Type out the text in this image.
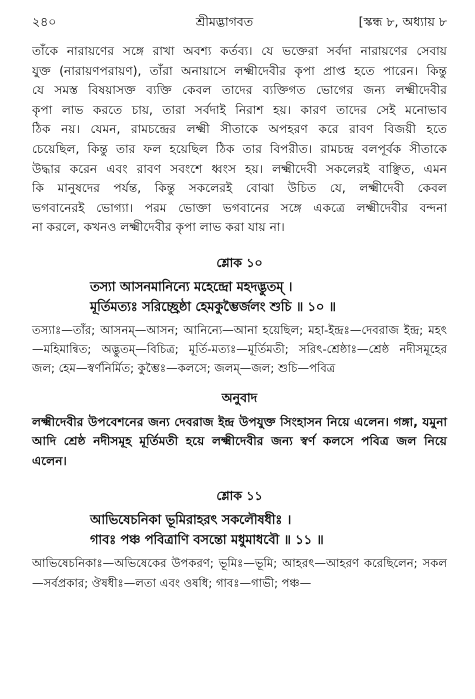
২৪০	শ্রীমদ্ভাগবত	[স্কন্ধ ৮, অধ্যায় ৮

তাঁকে নারায়ণের সঙ্গে রাখা অবশ্য কর্তব্য। যে ভক্তেরা সর্বদা নারায়ণের সেবায়
যুক্ত (নারায়ণপরায়ণ), তাঁরা অনায়াসে লক্ষ্মীদেবীর কৃপা প্রাপ্ত হতে পারেন। কিন্তু
যে সমস্ত বিষয়াসক্ত ব্যক্তি কেবল তাদের ব্যক্তিগত ভোগের জন্য লক্ষ্মীদেবীর
কৃপা লাভ করতে চায়, তারা সর্বদাই নিরাশ হয়। কারণ তাদের সেই মনোভাব
ঠিক নয়। যেমন, রামচন্দ্রের লক্ষ্মী সীতাকে অপহরণ করে রাবণ বিজয়ী হতে
চেয়েছিল, কিন্তু তার ফল হয়েছিল ঠিক তার বিপরীত। রামচন্দ্র বলপূর্বক সীতাকে
উদ্ধার করেন এবং রাবণ সবংশে ধ্বংস হয়। লক্ষ্মীদেবী সকলেরই বাঞ্ছিত, এমন
কি মানুষদের পর্যন্ত, কিন্তু সকলেরই বোঝা উচিত যে, লক্ষ্মীদেবী কেবল
ভগবানেরই ভোগ্যা। পরম ভোক্তা ভগবানের সঙ্গে একত্রে লক্ষ্মীদেবীর বন্দনা
না করলে, কখনও লক্ষ্মীদেবীর কৃপা লাভ করা যায় না।

শ্লোক ১০
তস্যা আসনমানিন্যে মহেন্দ্রো মহদদ্ভুতম্ ।
মূর্তিমত্যঃ সরিচ্ছ্রেষ্ঠা হেমকুম্ভৈর্জলং শুচি ॥ ১০ ॥
তস্যাঃ—তাঁর; আসনম্—আসন; আনিন্যে—আনা হয়েছিল; মহা-ইন্দ্রঃ—দেবরাজ ইন্দ্র; মহৎ—মহিমান্বিত; অদ্ভুতম্—বিচিত্র; মূর্তি-মত্যঃ—মূর্তিমতী; সরিৎ-শ্রেষ্ঠাঃ—শ্রেষ্ঠ নদীসমূহের জল; হেম—স্বর্ণনির্মিত; কুম্ভৈঃ—কলসে; জলম্—জল; শুচি—পবিত্র
অনুবাদ
লক্ষ্মীদেবীর উপবেশনের জন্য দেবরাজ ইন্দ্র উপযুক্ত সিংহাসন নিয়ে এলেন। গঙ্গা, যমুনা আদি শ্রেষ্ঠ নদীসমূহ মূর্তিমতী হয়ে লক্ষ্মীদেবীর জন্য স্বর্ণ কলসে পবিত্র জল নিয়ে এলেন।
শ্লোক ১১
আভিষেচনিকা ভূমিরাহরৎ সকলৌষধীঃ ।
গাবঃ পঞ্চ পবিত্রাণি বসন্তো মধুমাধবৌ ॥ ১১ ॥
আভিষেচনিকাঃ—অভিষেকের উপকরণ; ভূমিঃ—ভূমি; আহরৎ—আহরণ করেছিলেন; সকল—সর্বপ্রকার; ঔষধীঃ—লতা এবং ওষধি; গাবঃ—গাভী; পঞ্চ—
